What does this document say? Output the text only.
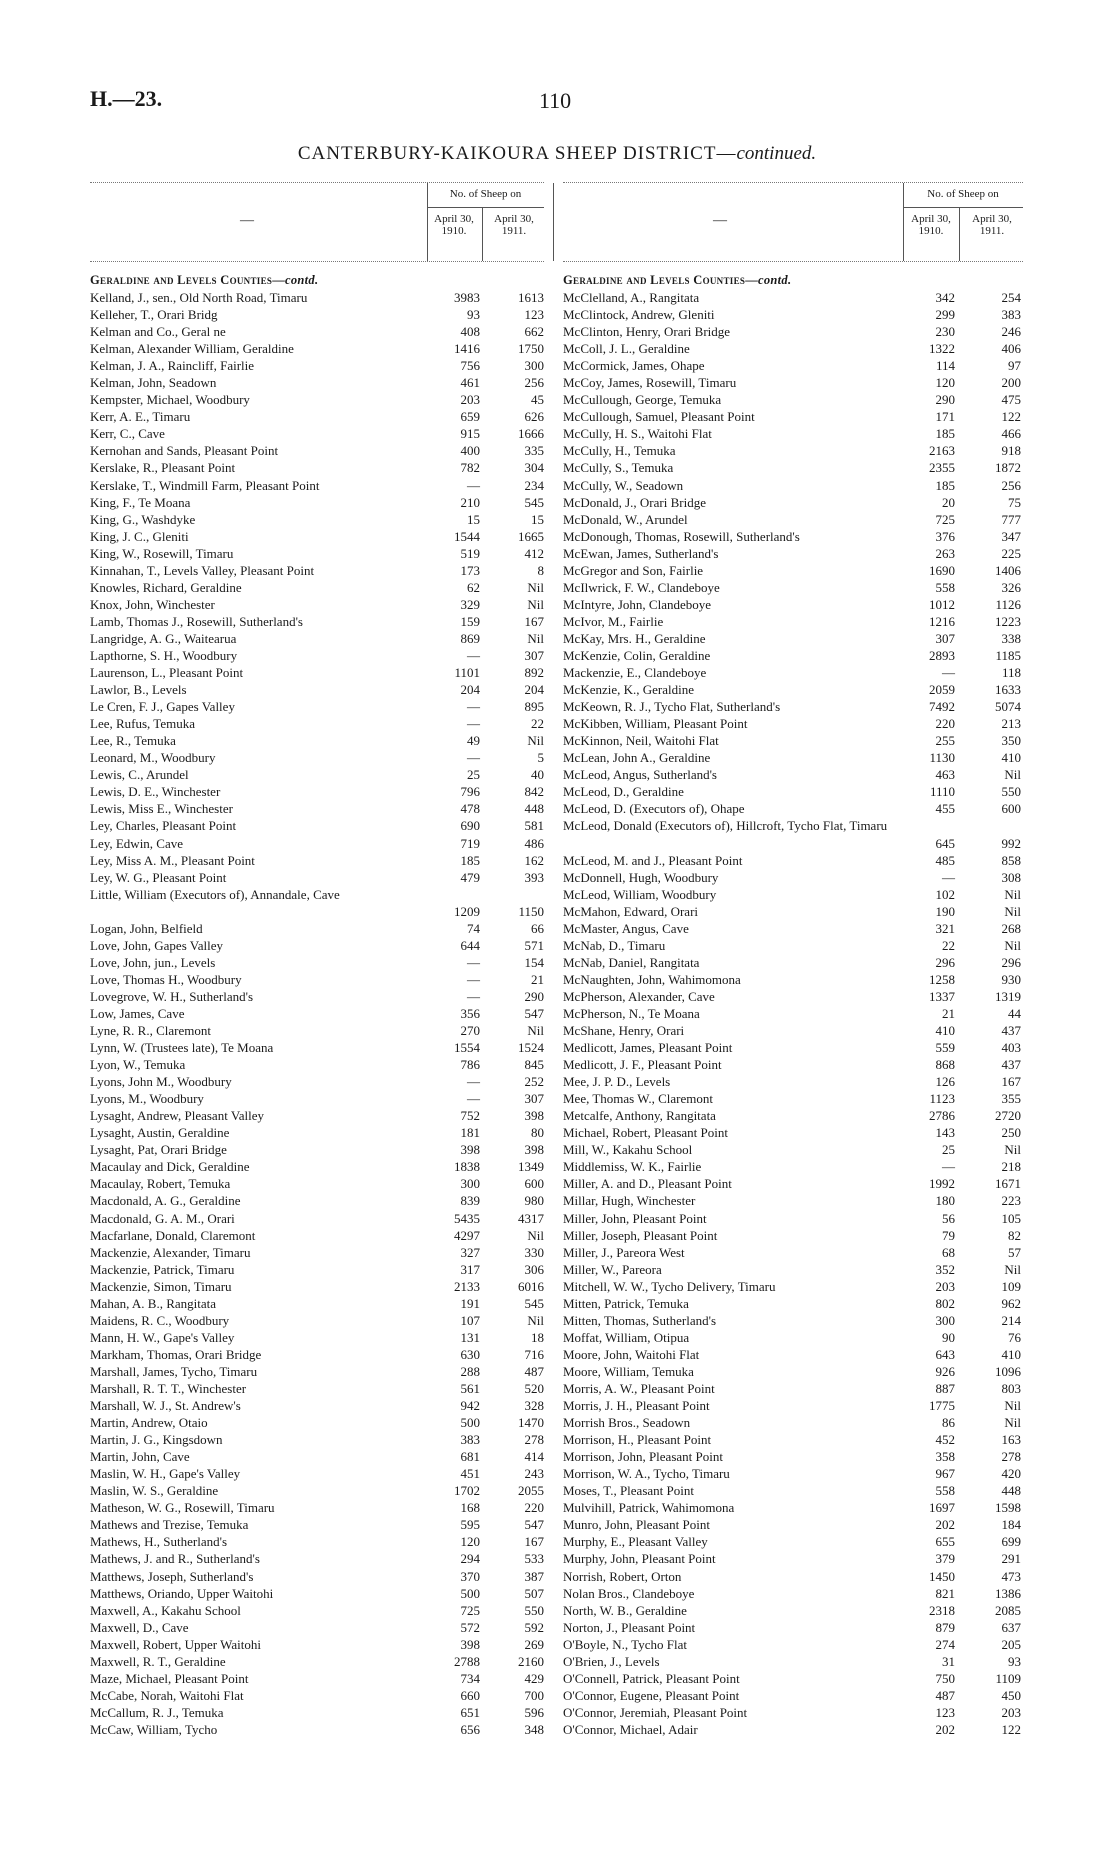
H.—23.	110
CANTERBURY-KAIKOURA SHEEP DISTRICT—continued.
—
No. of Sheep on
April 30, 1910.
April 30, 1911.
Geraldine and Levels Counties—contd.
Kelland, J., sen., Old North Road, Timaru	3983	1613
Kelleher, T., Orari Bridg	93	123
Kelman and Co., Geral ne	408	662
Kelman, Alexander William, Geraldine	1416	1750
Kelman, J. A., Raincliff, Fairlie	756	300
Kelman, John, Seadown	461	256
Kempster, Michael, Woodbury	203	45
Kerr, A. E., Timaru	659	626
Kerr, C., Cave	915	1666
Kernohan and Sands, Pleasant Point	400	335
Kerslake, R., Pleasant Point	782	304
Kerslake, T., Windmill Farm, Pleasant Point	—	234
King, F., Te Moana	210	545
King, G., Washdyke	15	15
King, J. C., Gleniti	1544	1665
King, W., Rosewill, Timaru	519	412
Kinnahan, T., Levels Valley, Pleasant Point	173	8
Knowles, Richard, Geraldine	62	Nil
Knox, John, Winchester	329	Nil
Lamb, Thomas J., Rosewill, Sutherland's	159	167
Langridge, A. G., Waitearua	869	Nil
Lapthorne, S. H., Woodbury	—	307
Laurenson, L., Pleasant Point	1101	892
Lawlor, B., Levels	204	204
Le Cren, F. J., Gapes Valley	—	895
Lee, Rufus, Temuka	—	22
Lee, R., Temuka	49	Nil
Leonard, M., Woodbury	—	5
Lewis, C., Arundel	25	40
Lewis, D. E., Winchester	796	842
Lewis, Miss E., Winchester	478	448
Ley, Charles, Pleasant Point	690	581
Ley, Edwin, Cave	719	486
Ley, Miss A. M., Pleasant Point	185	162
Ley, W. G., Pleasant Point	479	393
Little, William (Executors of), Annandale, Cave
1209	1150
Logan, John, Belfield	74	66
Love, John, Gapes Valley	644	571
Love, John, jun., Levels	—	154
Love, Thomas H., Woodbury	—	21
Lovegrove, W. H., Sutherland's	—	290
Low, James, Cave	356	547
Lyne, R. R., Claremont	270	Nil
Lynn, W. (Trustees late), Te Moana	1554	1524
Lyon, W., Temuka	786	845
Lyons, John M., Woodbury	—	252
Lyons, M., Woodbury	—	307
Lysaght, Andrew, Pleasant Valley	752	398
Lysaght, Austin, Geraldine	181	80
Lysaght, Pat, Orari Bridge	398	398
Macaulay and Dick, Geraldine	1838	1349
Macaulay, Robert, Temuka	300	600
Macdonald, A. G., Geraldine	839	980
Macdonald, G. A. M., Orari	5435	4317
Macfarlane, Donald, Claremont	4297	Nil
Mackenzie, Alexander, Timaru	327	330
Mackenzie, Patrick, Timaru	317	306
Mackenzie, Simon, Timaru	2133	6016
Mahan, A. B., Rangitata	191	545
Maidens, R. C., Woodbury	107	Nil
Mann, H. W., Gape's Valley	131	18
Markham, Thomas, Orari Bridge	630	716
Marshall, James, Tycho, Timaru	288	487
Marshall, R. T. T., Winchester	561	520
Marshall, W. J., St. Andrew's	942	328
Martin, Andrew, Otaio	500	1470
Martin, J. G., Kingsdown	383	278
Martin, John, Cave	681	414
Maslin, W. H., Gape's Valley	451	243
Maslin, W. S., Geraldine	1702	2055
Matheson, W. G., Rosewill, Timaru	168	220
Mathews and Trezise, Temuka	595	547
Mathews, H., Sutherland's	120	167
Mathews, J. and R., Sutherland's	294	533
Matthews, Joseph, Sutherland's	370	387
Matthews, Oriando, Upper Waitohi	500	507
Maxwell, A., Kakahu School	725	550
Maxwell, D., Cave	572	592
Maxwell, Robert, Upper Waitohi	398	269
Maxwell, R. T., Geraldine	2788	2160
Maze, Michael, Pleasant Point	734	429
McCabe, Norah, Waitohi Flat	660	700
McCallum, R. J., Temuka	651	596
McCaw, William, Tycho	656	348
—
No. of Sheep on
April 30, 1910.
April 30, 1911.
Geraldine and Levels Counties—contd.
McClelland, A., Rangitata	342	254
McClintock, Andrew, Gleniti	299	383
McClinton, Henry, Orari Bridge	230	246
McColl, J. L., Geraldine	1322	406
McCormick, James, Ohape	114	97
McCoy, James, Rosewill, Timaru	120	200
McCullough, George, Temuka	290	475
McCullough, Samuel, Pleasant Point	171	122
McCully, H. S., Waitohi Flat	185	466
McCully, H., Temuka	2163	918
McCully, S., Temuka	2355	1872
McCully, W., Seadown	185	256
McDonald, J., Orari Bridge	20	75
McDonald, W., Arundel	725	777
McDonough, Thomas, Rosewill, Sutherland's	376	347
McEwan, James, Sutherland's	263	225
McGregor and Son, Fairlie	1690	1406
McIlwrick, F. W., Clandeboye	558	326
McIntyre, John, Clandeboye	1012	1126
McIvor, M., Fairlie	1216	1223
McKay, Mrs. H., Geraldine	307	338
McKenzie, Colin, Geraldine	2893	1185
Mackenzie, E., Clandeboye	—	118
McKenzie, K., Geraldine	2059	1633
McKeown, R. J., Tycho Flat, Sutherland's	7492	5074
McKibben, William, Pleasant Point	220	213
McKinnon, Neil, Waitohi Flat	255	350
McLean, John A., Geraldine	1130	410
McLeod, Angus, Sutherland's	463	Nil
McLeod, D., Geraldine	1110	550
McLeod, D. (Executors of), Ohape	455	600
McLeod, Donald (Executors of), Hillcroft, Tycho Flat, Timaru
645	992
McLeod, M. and J., Pleasant Point	485	858
McDonnell, Hugh, Woodbury	—	308
McLeod, William, Woodbury	102	Nil
McMahon, Edward, Orari	190	Nil
McMaster, Angus, Cave	321	268
McNab, D., Timaru	22	Nil
McNab, Daniel, Rangitata	296	296
McNaughten, John, Wahimomona	1258	930
McPherson, Alexander, Cave	1337	1319
McPherson, N., Te Moana	21	44
McShane, Henry, Orari	410	437
Medlicott, James, Pleasant Point	559	403
Medlicott, J. F., Pleasant Point	868	437
Mee, J. P. D., Levels	126	167
Mee, Thomas W., Claremont	1123	355
Metcalfe, Anthony, Rangitata	2786	2720
Michael, Robert, Pleasant Point	143	250
Mill, W., Kakahu School	25	Nil
Middlemiss, W. K., Fairlie	—	218
Miller, A. and D., Pleasant Point	1992	1671
Millar, Hugh, Winchester	180	223
Miller, John, Pleasant Point	56	105
Miller, Joseph, Pleasant Point	79	82
Miller, J., Pareora West	68	57
Miller, W., Pareora	352	Nil
Mitchell, W. W., Tycho Delivery, Timaru	203	109
Mitten, Patrick, Temuka	802	962
Mitten, Thomas, Sutherland's	300	214
Moffat, William, Otipua	90	76
Moore, John, Waitohi Flat	643	410
Moore, William, Temuka	926	1096
Morris, A. W., Pleasant Point	887	803
Morris, J. H., Pleasant Point	1775	Nil
Morrish Bros., Seadown	86	Nil
Morrison, H., Pleasant Point	452	163
Morrison, John, Pleasant Point	358	278
Morrison, W. A., Tycho, Timaru	967	420
Moses, T., Pleasant Point	558	448
Mulvihill, Patrick, Wahimomona	1697	1598
Munro, John, Pleasant Point	202	184
Murphy, E., Pleasant Valley	655	699
Murphy, John, Pleasant Point	379	291
Norrish, Robert, Orton	1450	473
Nolan Bros., Clandeboye	821	1386
North, W. B., Geraldine	2318	2085
Norton, J., Pleasant Point	879	637
O'Boyle, N., Tycho Flat	274	205
O'Brien, J., Levels	31	93
O'Connell, Patrick, Pleasant Point	750	1109
O'Connor, Eugene, Pleasant Point	487	450
O'Connor, Jeremiah, Pleasant Point	123	203
O'Connor, Michael, Adair	202	122
